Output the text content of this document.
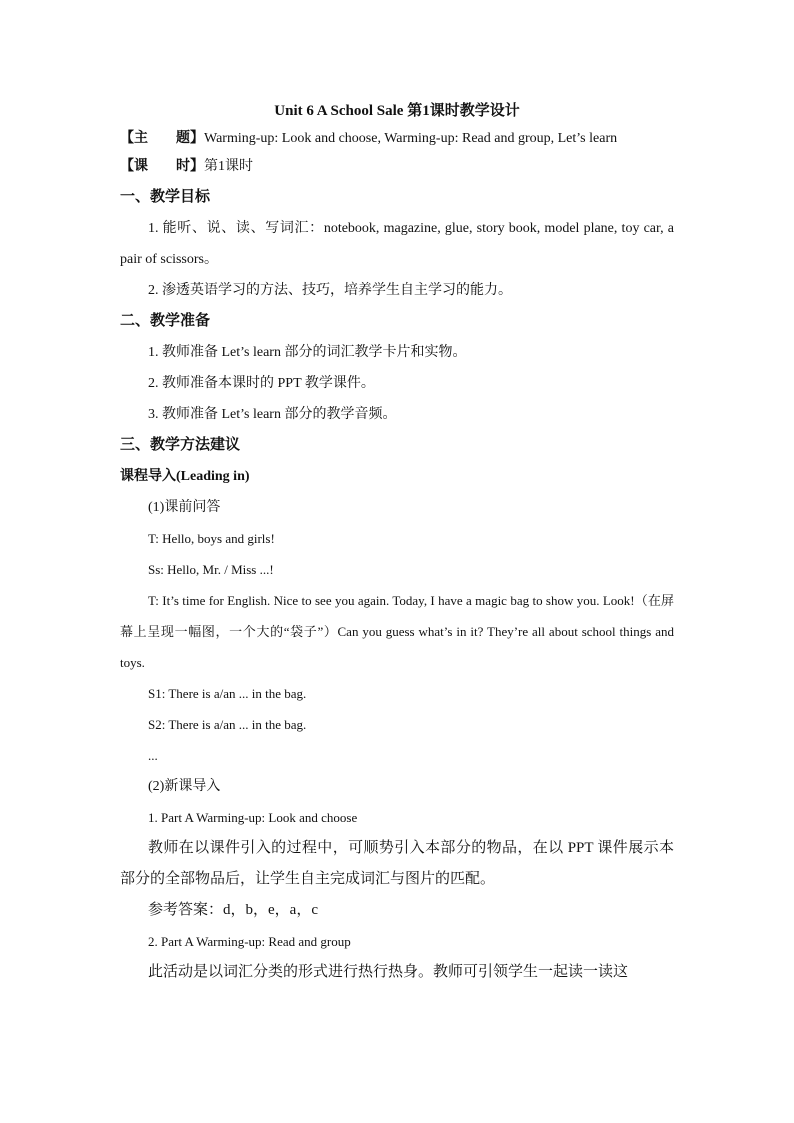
Unit 6 A School Sale 第1课时教学设计
【主　　题】Warming-up: Look and choose, Warming-up: Read and group, Let’s learn
【课　　时】第1课时
一、教学目标
1. 能听、说、读、写词汇：notebook, magazine, glue, story book, model plane, toy car, a pair of scissors。
2. 渗透英语学习的方法、技巧，培养学生自主学习的能力。
二、教学准备
1. 教师准备 Let’s learn 部分的词汇教学卡片和实物。
2. 教师准备本课时的 PPT 教学课件。
3. 教师准备 Let’s learn 部分的教学音频。
三、教学方法建议
课程导入(Leading in)
(1)课前问答
T: Hello, boys and girls!
Ss: Hello, Mr. / Miss ...!
T: It’s time for English. Nice to see you again. Today, I have a magic bag to show you. Look!（在屏幕上呈现一幅图，一个大的“袋子”）Can you guess what’s in it? They’re all about school things and toys.
S1: There is a/an ... in the bag.
S2: There is a/an ... in the bag.
...
(2)新课导入
1. Part A Warming-up: Look and choose
教师在以课件引入的过程中，可顺势引入本部分的物品，在以 PPT 课件展示本部分的全部物品后，让学生自主完成词汇与图片的匹配。
参考答案：d，b，e，a，c
2. Part A Warming-up: Read and group
此活动是以词汇分类的形式进行热行热身。教师可引领学生一起读一读这
